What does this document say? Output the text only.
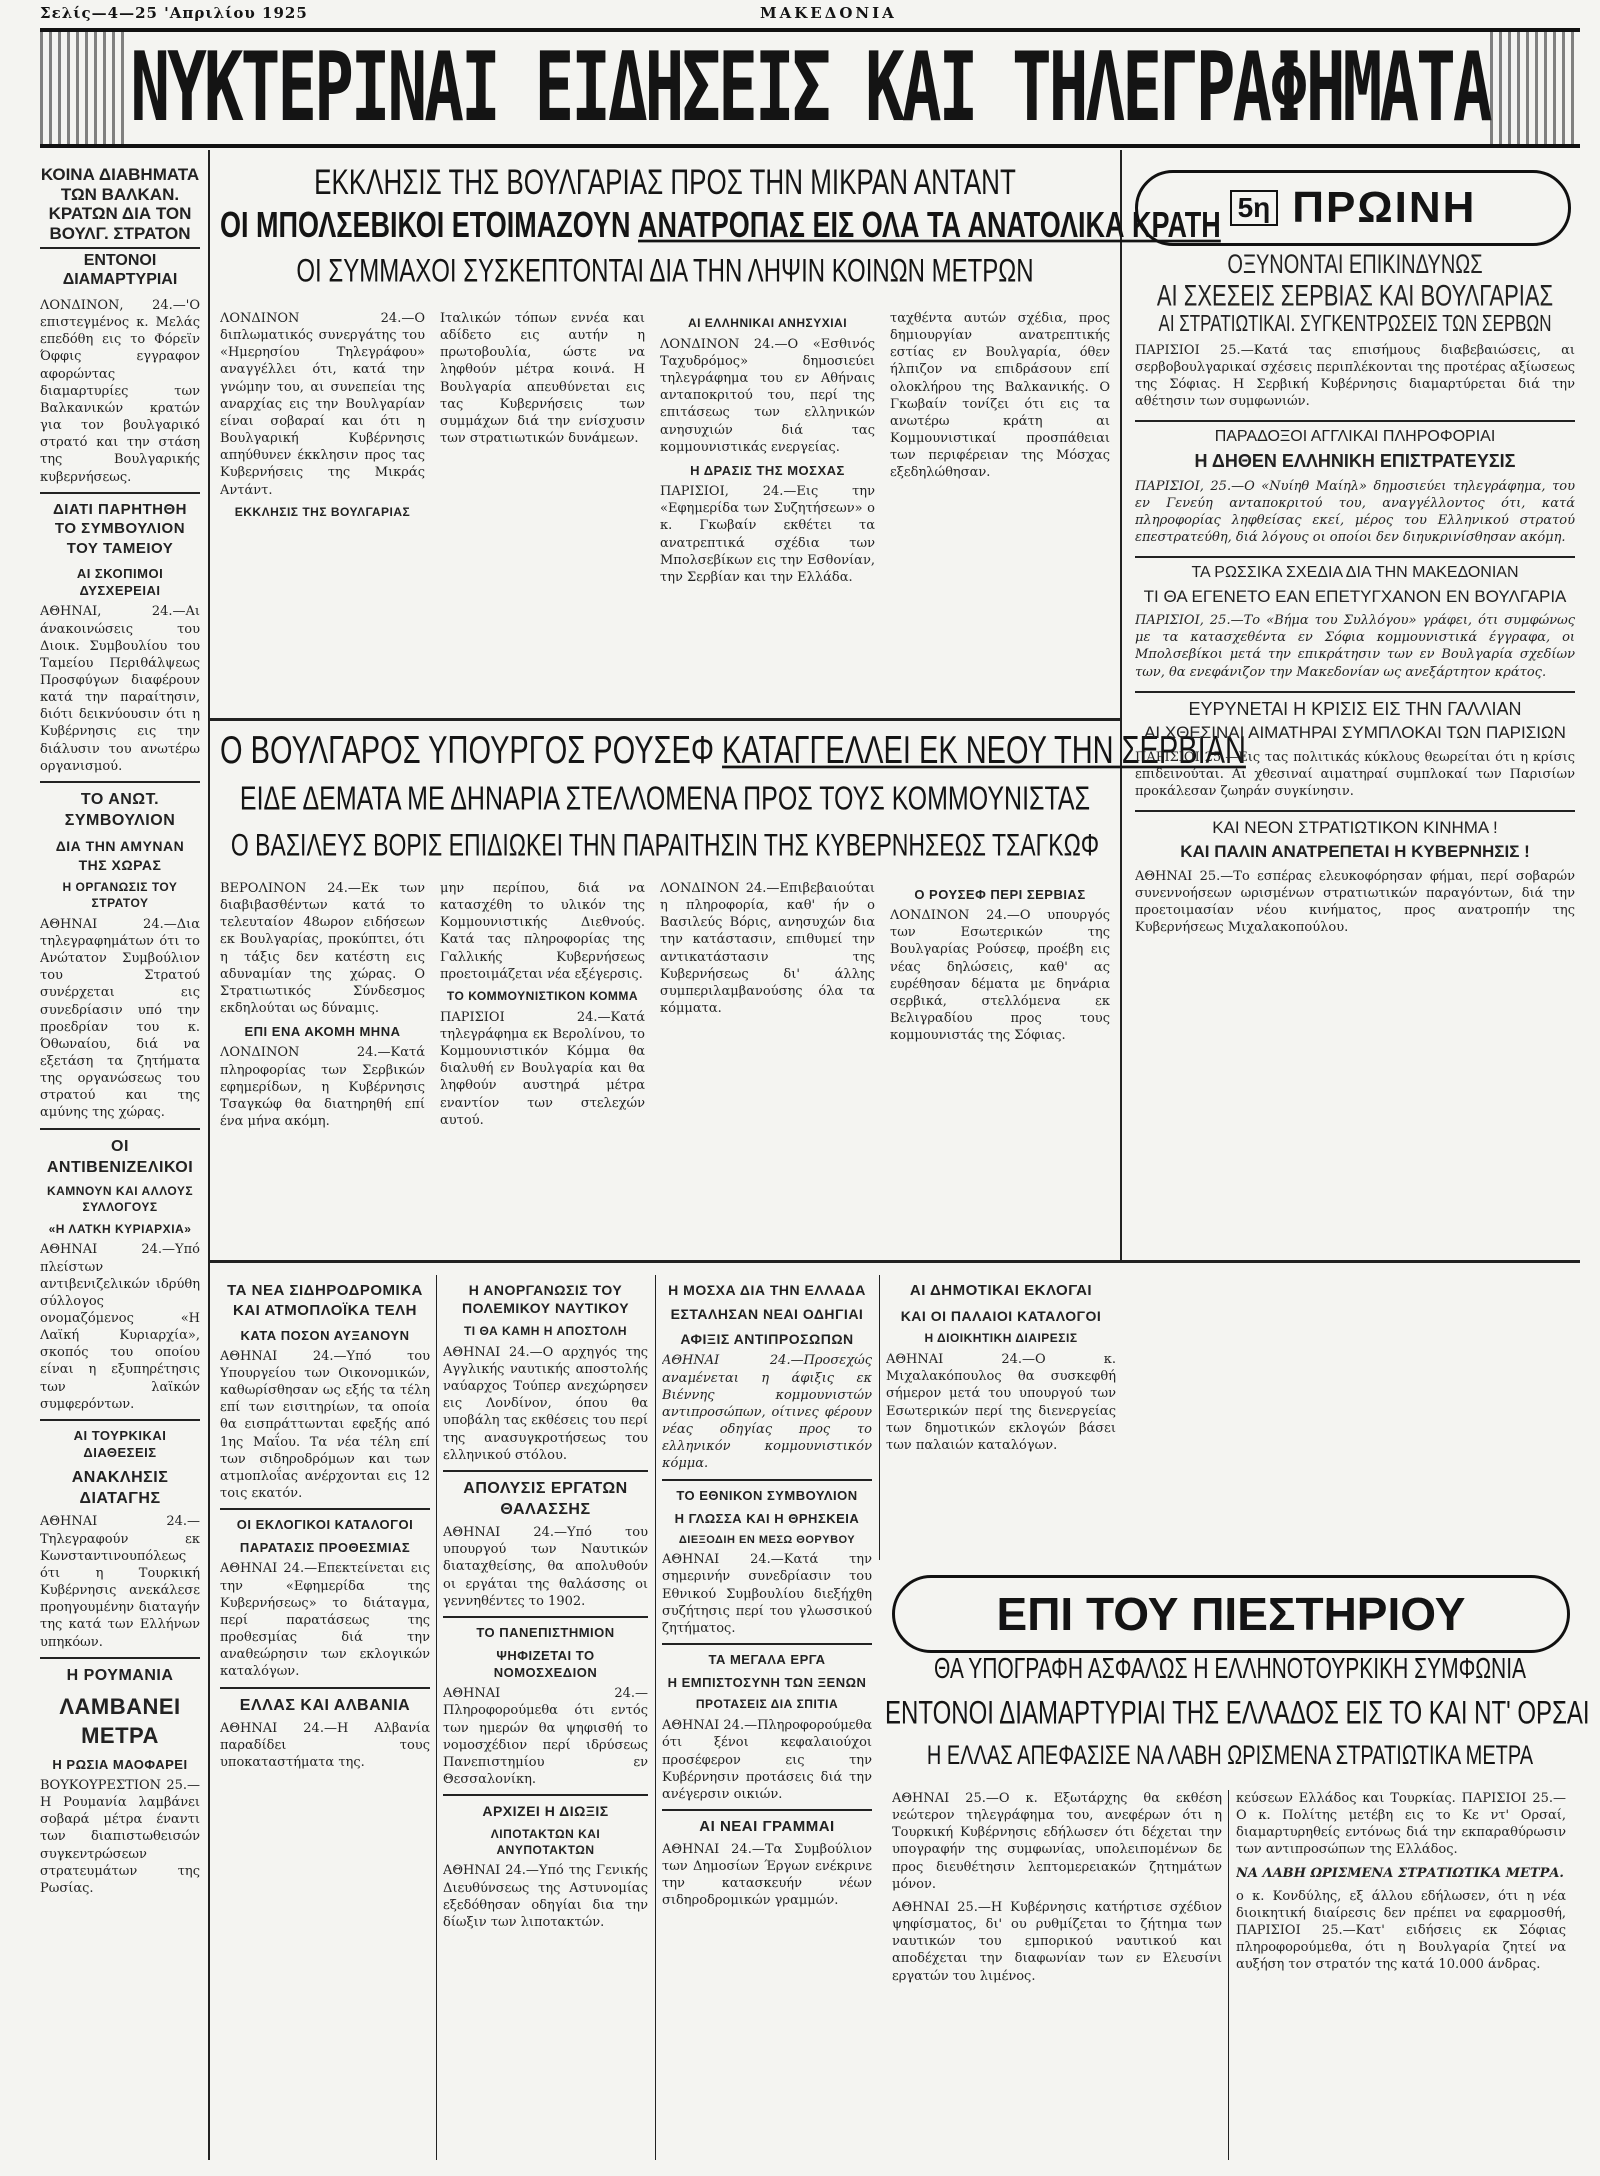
Σελίς—4—25 'Απριλίου 1925	ΜΑΚΕΔΟΝΙΑ
ΝΥΚΤΕΡΙΝΑΙ ΕΙΔΗΣΕΙΣ ΚΑΙ ΤΗΛΕΓΡΑΦΗΜΑΤΑ
ΚΟΙΝΑ ΔΙΑΒΗΜΑΤΑ ΤΩΝ ΒΑΛΚΑΝ. ΚΡΑΤΩΝ ΔΙΑ ΤΟΝ ΒΟΥΛΓ. ΣΤΡΑΤΟΝ
ΕΝΤΟΝΟΙ ΔΙΑΜΑΡΤΥΡΙΑΙ

ΛΟΝΔΙΝΟΝ, 24.—'Ο επιστεγμένος κ. Μελάς επεδόθη εις το Φόρεϊν Όφφις εγγραφον αφορώντας διαμαρτυρίες των Βαλκανικών κρατών για τον βουλγαρικό στρατό και την στάση της Βουλγαρικής κυβερνήσεως.

ΔΙΑΤΙ ΠΑΡΗΤΗΘΗ ΤΟ ΣΥΜΒΟΥΛΙΟΝ ΤΟΥ ΤΑΜΕΙΟΥ
ΑΙ ΣΚΟΠΙΜΟΙ ΔΥΣΧΕΡΕΙΑΙ

ΑΘΗΝΑΙ, 24.—Αι άνακοινώσεις του Διοικ. Συμβουλίου του Ταμείου Περιθάλψεως Προσφύγων διαφέρουν κατά την παραίτησιν, διότι δεικνύουσιν ότι η Κυβέρνησις εις την διάλυσιν του ανωτέρω οργανισμού.

ΤΟ ΑΝΩΤ. ΣΥΜΒΟΥΛΙΟΝ
ΔΙΑ ΤΗΝ ΑΜΥΝΑΝ ΤΗΣ ΧΩΡΑΣ
Η ΟΡΓΑΝΩΣΙΣ ΤΟΥ ΣΤΡΑΤΟΥ

ΑΘΗΝΑΙ 24.—Δια τηλεγραφημάτων ότι το Ανώτατον Συμβούλιον του Στρατού συνέρχεται εις συνεδρίασιν υπό την προεδρίαν του κ. Όθωναίου, διά να εξετάση τα ζητήματα της οργανώσεως του στρατού και της αμύνης της χώρας.

ΟΙ ΑΝΤΙΒΕΝΙΖΕΛΙΚΟΙ
ΚΑΜΝΟΥΝ ΚΑΙ ΑΛΛΟΥΣ ΣΥΛΛΟΓΟΥΣ
«Η ΛΑΤΚΗ ΚΥΡΙΑΡΧΙΑ»

ΑΘΗΝΑΙ 24.—Υπό πλείστων αντιβενιζελικών ιδρύθη σύλλογος ονομαζόμενος «Η Λαϊκή Κυριαρχία», σκοπός του οποίου είναι η εξυπηρέτησις των λαϊκών συμφερόντων.

ΑΙ ΤΟΥΡΚΙΚΑΙ ΔΙΑΘΕΣΕΙΣ
ΑΝΑΚΛΗΣΙΣ ΔΙΑΤΑΓΗΣ

ΑΘΗΝΑΙ 24.—Τηλεγραφούν εκ Κωνσταντινουπόλεως ότι η Τουρκική Κυβέρνησις ανεκάλεσε προηγουμένην διαταγήν της κατά των Ελλήνων υπηκόων.

Η ΡΟΥΜΑΝΙΑ
ΛΑΜΒΑΝΕΙ ΜΕΤΡΑ
Η ΡΩΣΙΑ ΜΑΟΦΑΡΕΙ

ΒΟΥΚΟΥΡΕΣΤΙΟΝ 25.—Η Ρουμανία λαμβάνει σοβαρά μέτρα έναντι των διαπιστωθεισών συγκεντρώσεων στρατευμάτων της Ρωσίας.

ΕΚΚΛΗΣΙΣ ΤΗΣ ΒΟΥΛΓΑΡΙΑΣ ΠΡΟΣ ΤΗΝ ΜΙΚΡΑΝ ΑΝΤΑΝΤ
ΟΙ ΜΠΟΛΣΕΒΙΚΟΙ ΕΤΟΙΜΑΖΟΥΝ ΑΝΑΤΡΟΠΑΣ ΕΙΣ ΟΛΑ ΤΑ ΑΝΑΤΟΛΙΚΑ ΚΡΑΤΗ
ΟΙ ΣΥΜΜΑΧΟΙ ΣΥΣΚΕΠΤΟΝΤΑΙ ΔΙΑ ΤΗΝ ΛΗΨΙΝ ΚΟΙΝΩΝ ΜΕΤΡΩΝ

ΛΟΝΔΙΝΟΝ 24.—Ο διπλωματικός συνεργάτης του «Ημερησίου Τηλεγράφου» αναγγέλλει ότι, κατά την γνώμην του, αι συνεπείαι της αναρχίας εις την Βουλγαρίαν είναι σοβαραί και ότι η Βουλγαρική Κυβέρνησις απηύθυνεν έκκλησιν προς τας Κυβερνήσεις της Μικράς Αντάντ.

ΕΚΚΛΗΣΙΣ ΤΗΣ ΒΟΥΛΓΑΡΙΑΣ

Ιταλικών τόπων εννέα και αδίδετο εις αυτήν η πρωτοβουλία, ώστε να ληφθούν μέτρα κοινά. Η Βουλγαρία απευθύνεται εις τας Κυβερνήσεις των συμμάχων διά την ενίσχυσιν των στρατιωτικών δυνάμεων.

ΑΙ ΕΛΛΗΝΙΚΑΙ ΑΝΗΣΥΧΙΑΙ

ΛΟΝΔΙΝΟΝ 24.—Ο «Εσθινός Ταχυδρόμος» δημοσιεύει τηλεγράφημα του εν Αθήναις ανταποκριτού του, περί της επιτάσεως των ελληνικών ανησυχιών διά τας κομμουνιστικάς ενεργείας.

Η ΔΡΑΣΙΣ ΤΗΣ ΜΟΣΧΑΣ

ΠΑΡΙΣΙΟΙ, 24.—Εις την «Εφημερίδα των Συζητήσεων» ο κ. Γκωβαίν εκθέτει τα ανατρεπτικά σχέδια των Μπολσεβίκων εις την Εσθονίαν, την Σερβίαν και την Ελλάδα.

ταχθέντα αυτών σχέδια, προς δημιουργίαν ανατρεπτικής εστίας εν Βουλγαρία, όθεν ήλπιζον να επιδράσουν επί ολοκλήρου της Βαλκανικής. Ο Γκωβαίν τονίζει ότι εις τα ανωτέρω κράτη αι Κομμουνιστικαί προσπάθειαι των περιφέρειαν της Μόσχας εξεδηλώθησαν.

Ο ΒΟΥΛΓΑΡΟΣ ΥΠΟΥΡΓΟΣ ΡΟΥΣΕΦ ΚΑΤΑΓΓΕΛΛΕΙ ΕΚ ΝΕΟΥ ΤΗΝ ΣΕΡΒΙΑΝ
ΕΙΔΕ ΔΕΜΑΤΑ ΜΕ ΔΗΝΑΡΙΑ ΣΤΕΛΛΟΜΕΝΑ ΠΡΟΣ ΤΟΥΣ ΚΟΜΜΟΥΝΙΣΤΑΣ
Ο ΒΑΣΙΛΕΥΣ ΒΟΡΙΣ ΕΠΙΔΙΩΚΕΙ ΤΗΝ ΠΑΡΑΙΤΗΣΙΝ ΤΗΣ ΚΥΒΕΡΝΗΣΕΩΣ ΤΣΑΓΚΩΦ

ΒΕΡΟΛΙΝΟΝ 24.—Εκ των διαβιβασθέντων κατά το τελευταίον 48ωρον ειδήσεων εκ Βουλγαρίας, προκύπτει, ότι η τάξις δεν κατέστη εις αδυναμίαν της χώρας. Ο Στρατιωτικός Σύνδεσμος εκδηλούται ως δύναμις.

ΕΠΙ ΕΝΑ ΑΚΟΜΗ ΜΗΝΑ

ΛΟΝΔΙΝΟΝ 24.—Κατά πληροφορίας των Σερβικών εφημερίδων, η Κυβέρνησις Τσαγκώφ θα διατηρηθή επί ένα μήνα ακόμη.

μην περίπου, διά να κατασχέθη το υλικόν της Κομμουνιστικής Διεθνούς. Κατά τας πληροφορίας της Γαλλικής Κυβερνήσεως προετοιμάζεται νέα εξέγερσις.

ΤΟ ΚΟΜΜΟΥΝΙΣΤΙΚΟΝ ΚΟΜΜΑ

ΠΑΡΙΣΙΟΙ 24.—Κατά τηλεγράφημα εκ Βερολίνου, το Κομμουνιστικόν Κόμμα θα διαλυθή εν Βουλγαρία και θα ληφθούν αυστηρά μέτρα εναντίον των στελεχών αυτού.

ΛΟΝΔΙΝΟΝ 24.—Επιβεβαιούται η πληροφορία, καθ' ήν ο Βασιλεύς Βόρις, ανησυχών δια την κατάστασιν, επιθυμεί την αντικατάστασιν της Κυβερνήσεως δι' άλλης συμπεριλαμβανούσης όλα τα κόμματα.

Ο ΡΟΥΣΕΦ ΠΕΡΙ ΣΕΡΒΙΑΣ

ΛΟΝΔΙΝΟΝ 24.—Ο υπουργός των Εσωτερικών της Βουλγαρίας Ρούσεφ, προέβη εις νέας δηλώσεις, καθ' ας ευρέθησαν δέματα με δηνάρια σερβικά, στελλόμενα εκ Βελιγραδίου προς τους κομμουνιστάς της Σόφιας.

5η ΠΡΩΙΝΗ
ΟΞΥΝΟΝΤΑΙ ΕΠΙΚΙΝΔΥΝΩΣ
ΑΙ ΣΧΕΣΕΙΣ ΣΕΡΒΙΑΣ ΚΑΙ ΒΟΥΛΓΑΡΙΑΣ
ΑΙ ΣΤΡΑΤΙΩΤΙΚΑΙ. ΣΥΓΚΕΝΤΡΩΣΕΙΣ ΤΩΝ ΣΕΡΒΩΝ

ΠΑΡΙΣΙΟΙ 25.—Κατά τας επισήμους διαβεβαιώσεις, αι σερβοβουλγαρικαί σχέσεις περιπλέκονται της προτέρας αξίωσεως της Σόφιας. Η Σερβική Κυβέρνησις διαμαρτύρεται διά την αθέτησιν των συμφωνιών.

ΠΑΡΑΔΟΞΟΙ ΑΓΓΛΙΚΑΙ ΠΛΗΡΟΦΟΡΙΑΙ
Η ΔΗΘΕΝ ΕΛΛΗΝΙΚΗ ΕΠΙΣΤΡΑΤΕΥΣΙΣ

ΠΑΡΙΣΙΟΙ, 25.—Ο «Νυίηθ Μαίηλ» δημοσιεύει τηλεγράφημα, του εν Γενεύη ανταποκριτού του, αναγγέλλοντος ότι, κατά πληροφορίας ληφθείσας εκεί, μέρος του Ελληνικού στρατού επεστρατεύθη, διά λόγους οι οποίοι δεν διηυκρινίσθησαν ακόμη.

ΤΑ ΡΩΣΣΙΚΑ ΣΧΕΔΙΑ ΔΙΑ ΤΗΝ ΜΑΚΕΔΟΝΙΑΝ
ΤΙ ΘΑ ΕΓΕΝΕΤΟ ΕΑΝ ΕΠΕΤΥΓΧΑΝΟΝ ΕΝ ΒΟΥΛΓΑΡΙΑ

ΠΑΡΙΣΙΟΙ, 25.—Το «Βήμα του Συλλόγου» γράφει, ότι συμφώνως με τα κατασχεθέντα εν Σόφια κομμουνιστικά έγγραφα, οι Μπολσεβίκοι μετά την επικράτησιν των εν Βουλγαρία σχεδίων των, θα ενεφάνιζον την Μακεδονίαν ως ανεξάρτητον κράτος.

ΕΥΡΥΝΕΤΑΙ Η ΚΡΙΣΙΣ ΕΙΣ ΤΗΝ ΓΑΛΛΙΑΝ
ΑΙ ΧΘΕΣΙΝΑΙ ΑΙΜΑΤΗΡΑΙ ΣΥΜΠΛΟΚΑΙ ΤΩΝ ΠΑΡΙΣΙΩΝ

ΠΑΡΙΣΙΟΙ 25.—Εις τας πολιτικάς κύκλους θεωρείται ότι η κρίσις επιδεινούται. Αι χθεσιναί αιματηραί συμπλοκαί των Παρισίων προκάλεσαν ζωηράν συγκίνησιν.

ΚΑΙ ΝΕΟΝ ΣΤΡΑΤΙΩΤΙΚΟΝ ΚΙΝΗΜΑ !
ΚΑΙ ΠΑΛΙΝ ΑΝΑΤΡΕΠΕΤΑΙ Η ΚΥΒΕΡΝΗΣΙΣ !

ΑΘΗΝΑΙ 25.—Το εσπέρας ελευκοφόρησαν φήμαι, περί σοβαρών συνεννοήσεων ωρισμένων στρατιωτικών παραγόντων, διά την προετοιμασίαν νέου κινήματος, προς ανατροπήν της Κυβερνήσεως Μιχαλακοπούλου.

ΤΑ ΝΕΑ ΣΙΔΗΡΟΔΡΟΜΙΚΑ ΚΑΙ ΑΤΜΟΠΛΟΪΚΑ ΤΕΛΗ
ΚΑΤΑ ΠΟΣΟΝ ΑΥΞΑΝΟΥΝ

ΑΘΗΝΑΙ 24.—Υπό του Υπουργείου των Οικονομικών, καθωρίσθησαν ως εξής τα τέλη επί των εισιτηρίων, τα οποία θα εισπράττωνται εφεξής από 1ης Μαΐου. Τα νέα τέλη επί των σιδηροδρόμων και των ατμοπλοΐας ανέρχονται εις 12 τοις εκατόν.

ΟΙ ΕΚΛΟΓΙΚΟΙ ΚΑΤΑΛΟΓΟΙ
ΠΑΡΑΤΑΣΙΣ ΠΡΟΘΕΣΜΙΑΣ

ΑΘΗΝΑΙ 24.—Επεκτείνεται εις την «Εφημερίδα της Κυβερνήσεως» το διάταγμα, περί παρατάσεως της προθεσμίας διά την αναθεώρησιν των εκλογικών καταλόγων.

ΕΛΛΑΣ ΚΑΙ ΑΛΒΑΝΙΑ

ΑΘΗΝΑΙ 24.—Η Αλβανία παραδίδει τους υποκαταστήματα της.

Η ΑΝΟΡΓΑΝΩΣΙΣ ΤΟΥ ΠΟΛΕΜΙΚΟΥ ΝΑΥΤΙΚΟΥ
ΤΙ ΘΑ ΚΑΜΗ Η ΑΠΟΣΤΟΛΗ

ΑΘΗΝΑΙ 24.—Ο αρχηγός της Αγγλικής ναυτικής αποστολής ναύαρχος Τούπερ ανεχώρησεν εις Λονδίνον, όπου θα υποβάλη τας εκθέσεις του περί της ανασυγκροτήσεως του ελληνικού στόλου.

ΑΠΟΛΥΣΙΣ ΕΡΓΑΤΩΝ ΘΑΛΑΣΣΗΣ

ΑΘΗΝΑΙ 24.—Υπό του υπουργού των Ναυτικών διαταχθείσης, θα απολυθούν οι εργάται της θαλάσσης οι γεννηθέντες το 1902.

ΤΟ ΠΑΝΕΠΙΣΤΗΜΙΟΝ
ΨΗΦΙΖΕΤΑΙ ΤΟ ΝΟΜΟΣΧΕΔΙΟΝ

ΑΘΗΝΑΙ 24.—Πληροφορούμεθα ότι εντός των ημερών θα ψηφισθή το νομοσχέδιον περί ιδρύσεως Πανεπιστημίου εν Θεσσαλονίκη.

ΑΡΧΙΖΕΙ Η ΔΙΩΞΙΣ
ΛΙΠΟΤΑΚΤΩΝ ΚΑΙ ΑΝΥΠΟΤΑΚΤΩΝ

ΑΘΗΝΑΙ 24.—Υπό της Γενικής Διευθύνσεως της Αστυνομίας εξεδόθησαν οδηγίαι δια την δίωξιν των λιποτακτών.

Η ΜΟΣΧΑ ΔΙΑ ΤΗΝ ΕΛΛΑΔΑ
ΕΣΤΑΛΗΣΑΝ ΝΕΑΙ ΟΔΗΓΙΑΙ
ΑΦΙΞΙΣ ΑΝΤΙΠΡΟΣΩΠΩΝ

ΑΘΗΝΑΙ 24.—Προσεχώς αναμένεται η άφιξις εκ Βιέννης κομμουνιστών αντιπροσώπων, οίτινες φέρουν νέας οδηγίας προς το ελληνικόν κομμουνιστικόν κόμμα.

ΤΟ ΕΘΝΙΚΟΝ ΣΥΜΒΟΥΛΙΟΝ
Η ΓΛΩΣΣΑ ΚΑΙ Η ΘΡΗΣΚΕΙΑ
ΔΙΕΞΟΔΙΗ ΕΝ ΜΕΣΩ ΘΟΡΥΒΟΥ

ΑΘΗΝΑΙ 24.—Κατά την σημερινήν συνεδρίασιν του Εθνικού Συμβουλίου διεξήχθη συζήτησις περί του γλωσσικού ζητήματος.

ΤΑ ΜΕΓΑΛΑ ΕΡΓΑ
Η ΕΜΠΙΣΤΟΣΥΝΗ ΤΩΝ ΞΕΝΩΝ
ΠΡΟΤΑΣΕΙΣ ΔΙΑ ΣΠΙΤΙΑ

ΑΘΗΝΑΙ 24.—Πληροφορούμεθα ότι ξένοι κεφαλαιούχοι προσέφερον εις την Κυβέρνησιν προτάσεις διά την ανέγερσιν οικιών.

ΑΙ ΝΕΑΙ ΓΡΑΜΜΑΙ

ΑΘΗΝΑΙ 24.—Τα Συμβούλιον των Δημοσίων Έργων ενέκρινε την κατασκευήν νέων σιδηροδρομικών γραμμών.

ΑΙ ΔΗΜΟΤΙΚΑΙ ΕΚΛΟΓΑΙ
ΚΑΙ ΟΙ ΠΑΛΑΙΟΙ ΚΑΤΑΛΟΓΟΙ
Η ΔΙΟΙΚΗΤΙΚΗ ΔΙΑΙΡΕΣΙΣ

ΑΘΗΝΑΙ 24.—Ο κ. Μιχαλακόπουλος θα συσκεφθή σήμερον μετά του υπουργού των Εσωτερικών περί της διενεργείας των δημοτικών εκλογών βάσει των παλαιών καταλόγων.

ΕΠΙ ΤΟΥ ΠΙΕΣΤΗΡΙΟΥ
ΘΑ ΥΠΟΓΡΑΦΗ ΑΣΦΑΛΩΣ Η ΕΛΛΗΝΟΤΟΥΡΚΙΚΗ ΣΥΜΦΩΝΙΑ
ΕΝΤΟΝΟΙ ΔΙΑΜΑΡΤΥΡΙΑΙ ΤΗΣ ΕΛΛΑΔΟΣ ΕΙΣ ΤΟ ΚΑΙ ΝΤ' ΟΡΣΑΙ
Η ΕΛΛΑΣ ΑΠΕΦΑΣΙΣΕ ΝΑ ΛΑΒΗ ΩΡΙΣΜΕΝΑ ΣΤΡΑΤΙΩΤΙΚΑ ΜΕΤΡΑ

ΑΘΗΝΑΙ 25.—Ο κ. Εξωτάρχης θα εκθέση νεώτερον τηλεγράφημα του, ανεφέρων ότι η Τουρκική Κυβέρνησις εδήλωσεν ότι δέχεται την υπογραφήν της συμφωνίας, υπολειπομένων δε προς διευθέτησιν λεπτομερειακών ζητημάτων μόνον.

ΑΘΗΝΑΙ 25.—Η Κυβέρνησις κατήρτισε σχέδιον ψηφίσματος, δι' ου ρυθμίζεται το ζήτημα των ναυτικών του εμπορικού ναυτικού και αποδέχεται την διαφωνίαν των εν Ελευσίνι εργατών του λιμένος.

κεύσεων Ελλάδος και Τουρκίας. ΠΑΡΙΣΙΟΙ 25.—Ο κ. Πολίτης μετέβη εις το Κε ντ' Ορσαί, διαμαρτυρηθείς εντόνως διά την εκπαραθύρωσιν των αντιπροσώπων της Ελλάδος.

ΝΑ ΛΑΒΗ ΩΡΙΣΜΕΝΑ ΣΤΡΑΤΙΩΤΙΚΑ ΜΕΤΡΑ.

ο κ. Κονδύλης, εξ άλλου εδήλωσεν, ότι η νέα διοικητική διαίρεσις δεν πρέπει να εφαρμοσθή, ΠΑΡΙΣΙΟΙ 25.—Κατ' ειδήσεις εκ Σόφιας πληροφορούμεθα, ότι η Βουλγαρία ζητεί να αυξήση τον στρατόν της κατά 10.000 άνδρας.
